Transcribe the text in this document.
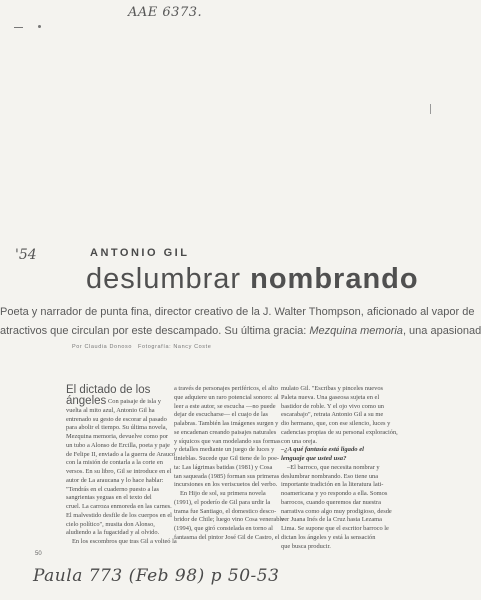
AAE 6373.
'54	ANTONIO GIL
deslumbrar nombrando
Poeta y narrador de punta fina, director creativo de la J. Walter Thompson, aficionado al vapor de
atractivos que circulan por este descampado. Su última gracia: Mezquina memoria, una apasionad
Por Claudia Donoso Fotografía: Nancy Coste
El dictado de los
ángeles Con paisaje de isla y
vuelta al mito azul, Antonio Gil ha
entrenado su gesto de escorar al pasado
para abolir el tiempo. Su última novela,
Mezquina memoria, devuelve como por
un tubo a Alonso de Ercilla, poeta y paje
de Felipe II, enviado a la guerra de Arauco
con la misión de contarla a la corte en
versos. En su libro, Gil se introduce en el
autor de La araucana y lo hace hablar:
"Tendrás en el cuaderno puesto a las
sangrientas yeguas en el texto del
cruel. La carroza enmoreda en las carnes.
El malvestido desfile de los cuerpos en el
cielo político", musita don Alonso,
aludiendo a la fugacidad y al olvido.
En los escombros que tras Gil a volteó la

a través de personajes periféricos, el alto
que adquiere un raro potencial sonoro: al
leer a este autor, se escucha —no puede
dejar de escucharse— el cuajo de las
palabras. También las imágenes surgen y
se encadenan creando paisajes naturales
y síquicos que van modelando sus formas
y detalles mediante un juego de luces y
tinieblas. Sucede que Gil tiene de lo poe-
ta: Las lágrimas batidas (1981) y Cosa
tan saqueada (1985) forman sus primeras
incursiones en los veriscuetos del verbo.
En Hijo de sol, su primera novela
(1991), el poderío de Gil para urdir la
trama fue Santiago, el domestico desco-
bridor de Chile; luego vino Cosa venerable
(1994), que giró constelada en torno al
fantasma del pintor José Gil de Castro, el

mulato Gil. "Escribas y pinceles nuevos
Paleta nueva. Una gaseosa sujeta en el
bastidor de roble. Y el ojo vivo como un
escarabajo", retrata Antonio Gil a su me
dio hermano, que, con ese silencio, luces y
cadencias propias de su personal exploración,
con una oreja.
–¿A qué fantasía está ligado el
lenguaje que usted usa?
–El barroco, que necesita nombrar y
deslumbrar nombrando. Eso tiene una
importante tradición en la literatura lati-
noamericana y yo respondo a ella. Somos
barrocos, cuando queremos dar nuestra
narrativa como algo muy prodigioso, desde
ver Juana Inés de la Cruz hasta Lezama
Lima. Se supone que el escritor barroco le
dictan los ángeles y está la sensación
que busca producir.

50
Paula 773 (Feb 98) p 50-53
